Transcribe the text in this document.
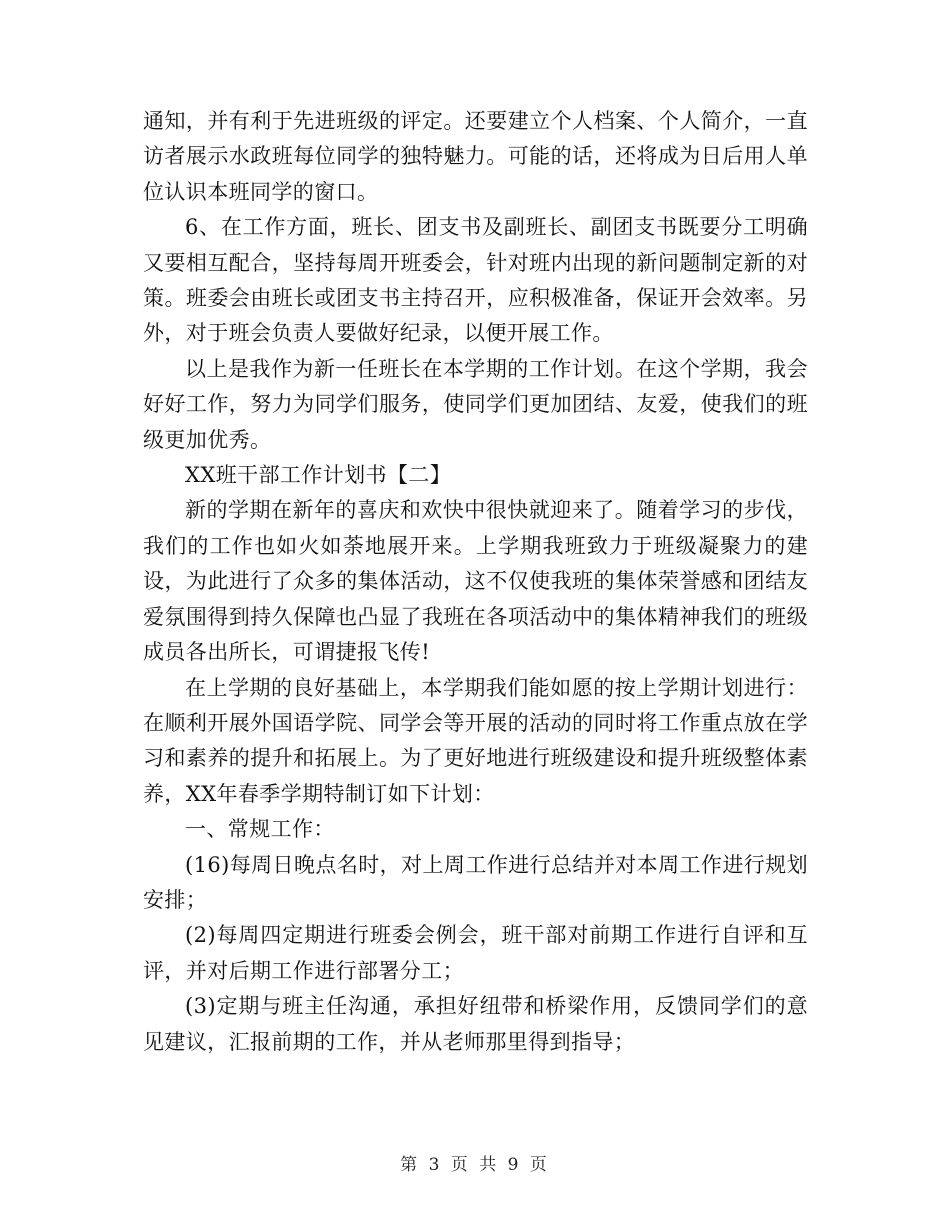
通知，并有利于先进班级的评定。还要建立个人档案、个人简介，一直访者展示水政班每位同学的独特魅力。可能的话，还将成为日后用人单位认识本班同学的窗口。

6、在工作方面，班长、团支书及副班长、副团支书既要分工明确又要相互配合，坚持每周开班委会，针对班内出现的新问题制定新的对策。班委会由班长或团支书主持召开，应积极准备，保证开会效率。另外，对于班会负责人要做好纪录，以便开展工作。

以上是我作为新一任班长在本学期的工作计划。在这个学期，我会好好工作，努力为同学们服务，使同学们更加团结、友爱，使我们的班级更加优秀。

XX班干部工作计划书【二】

新的学期在新年的喜庆和欢快中很快就迎来了。随着学习的步伐，我们的工作也如火如荼地展开来。上学期我班致力于班级凝聚力的建设，为此进行了众多的集体活动，这不仅使我班的集体荣誉感和团结友爱氛围得到持久保障也凸显了我班在各项活动中的集体精神我们的班级成员各出所长，可谓捷报飞传!

在上学期的良好基础上，本学期我们能如愿的按上学期计划进行：在顺利开展外国语学院、同学会等开展的活动的同时将工作重点放在学习和素养的提升和拓展上。为了更好地进行班级建设和提升班级整体素养，XX年春季学期特制订如下计划：

一、常规工作：

(16)每周日晚点名时，对上周工作进行总结并对本周工作进行规划安排；

(2)每周四定期进行班委会例会，班干部对前期工作进行自评和互评，并对后期工作进行部署分工；

(3)定期与班主任沟通，承担好纽带和桥梁作用，反馈同学们的意见建议，汇报前期的工作，并从老师那里得到指导；

第 3 页 共 9 页
